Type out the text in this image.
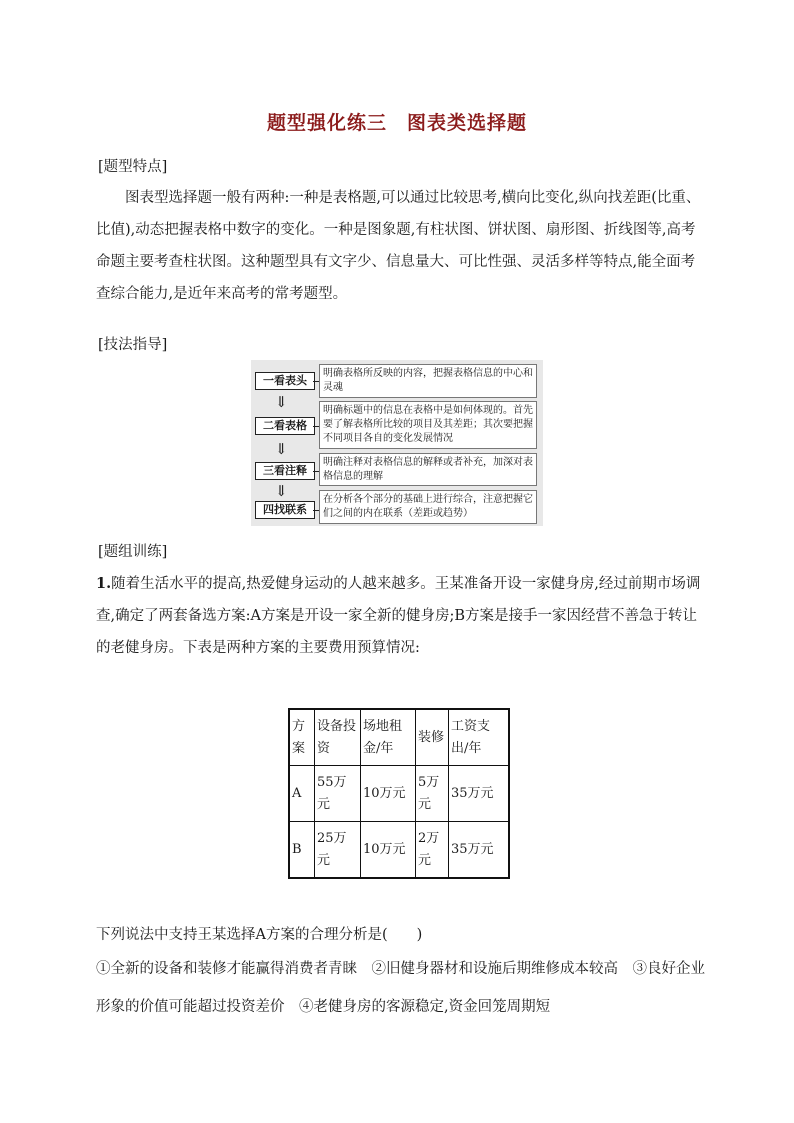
题型强化练三　图表类选择题
[题型特点]
图表型选择题一般有两种:一种是表格题,可以通过比较思考,横向比变化,纵向找差距(比重、比值),动态把握表格中数字的变化。一种是图象题,有柱状图、饼状图、扇形图、折线图等,高考命题主要考查柱状图。这种题型具有文字少、信息量大、可比性强、灵活多样等特点,能全面考查综合能力,是近年来高考的常考题型。
[技法指导]
一看表头
明确表格所反映的内容，把握表格信息的中心和灵魂
⇓
二看表格
明确标题中的信息在表格中是如何体现的。首先要了解表格所比较的项目及其差距；其次要把握不同项目各自的变化发展情况
⇓
三看注释
明确注释对表格信息的解释或者补充，加深对表格信息的理解
⇓
四找联系
在分析各个部分的基础上进行综合，注意把握它们之间的内在联系（差距或趋势）
[题组训练]
1.随着生活水平的提高,热爱健身运动的人越来越多。王某准备开设一家健身房,经过前期市场调查,确定了两套备选方案:A方案是开设一家全新的健身房;B方案是接手一家因经营不善急于转让的老健身房。下表是两种方案的主要费用预算情况:
方案	设备投资	场地租金/年	装修	工资支出/年
A	55万元	10万元	5万元	35万元
B	25万元	10万元	2万元	35万元
下列说法中支持王某选择A方案的合理分析是(　　)
①全新的设备和装修才能赢得消费者青睐　②旧健身器材和设施后期维修成本较高　③良好企业
形象的价值可能超过投资差价　④老健身房的客源稳定,资金回笼周期短
